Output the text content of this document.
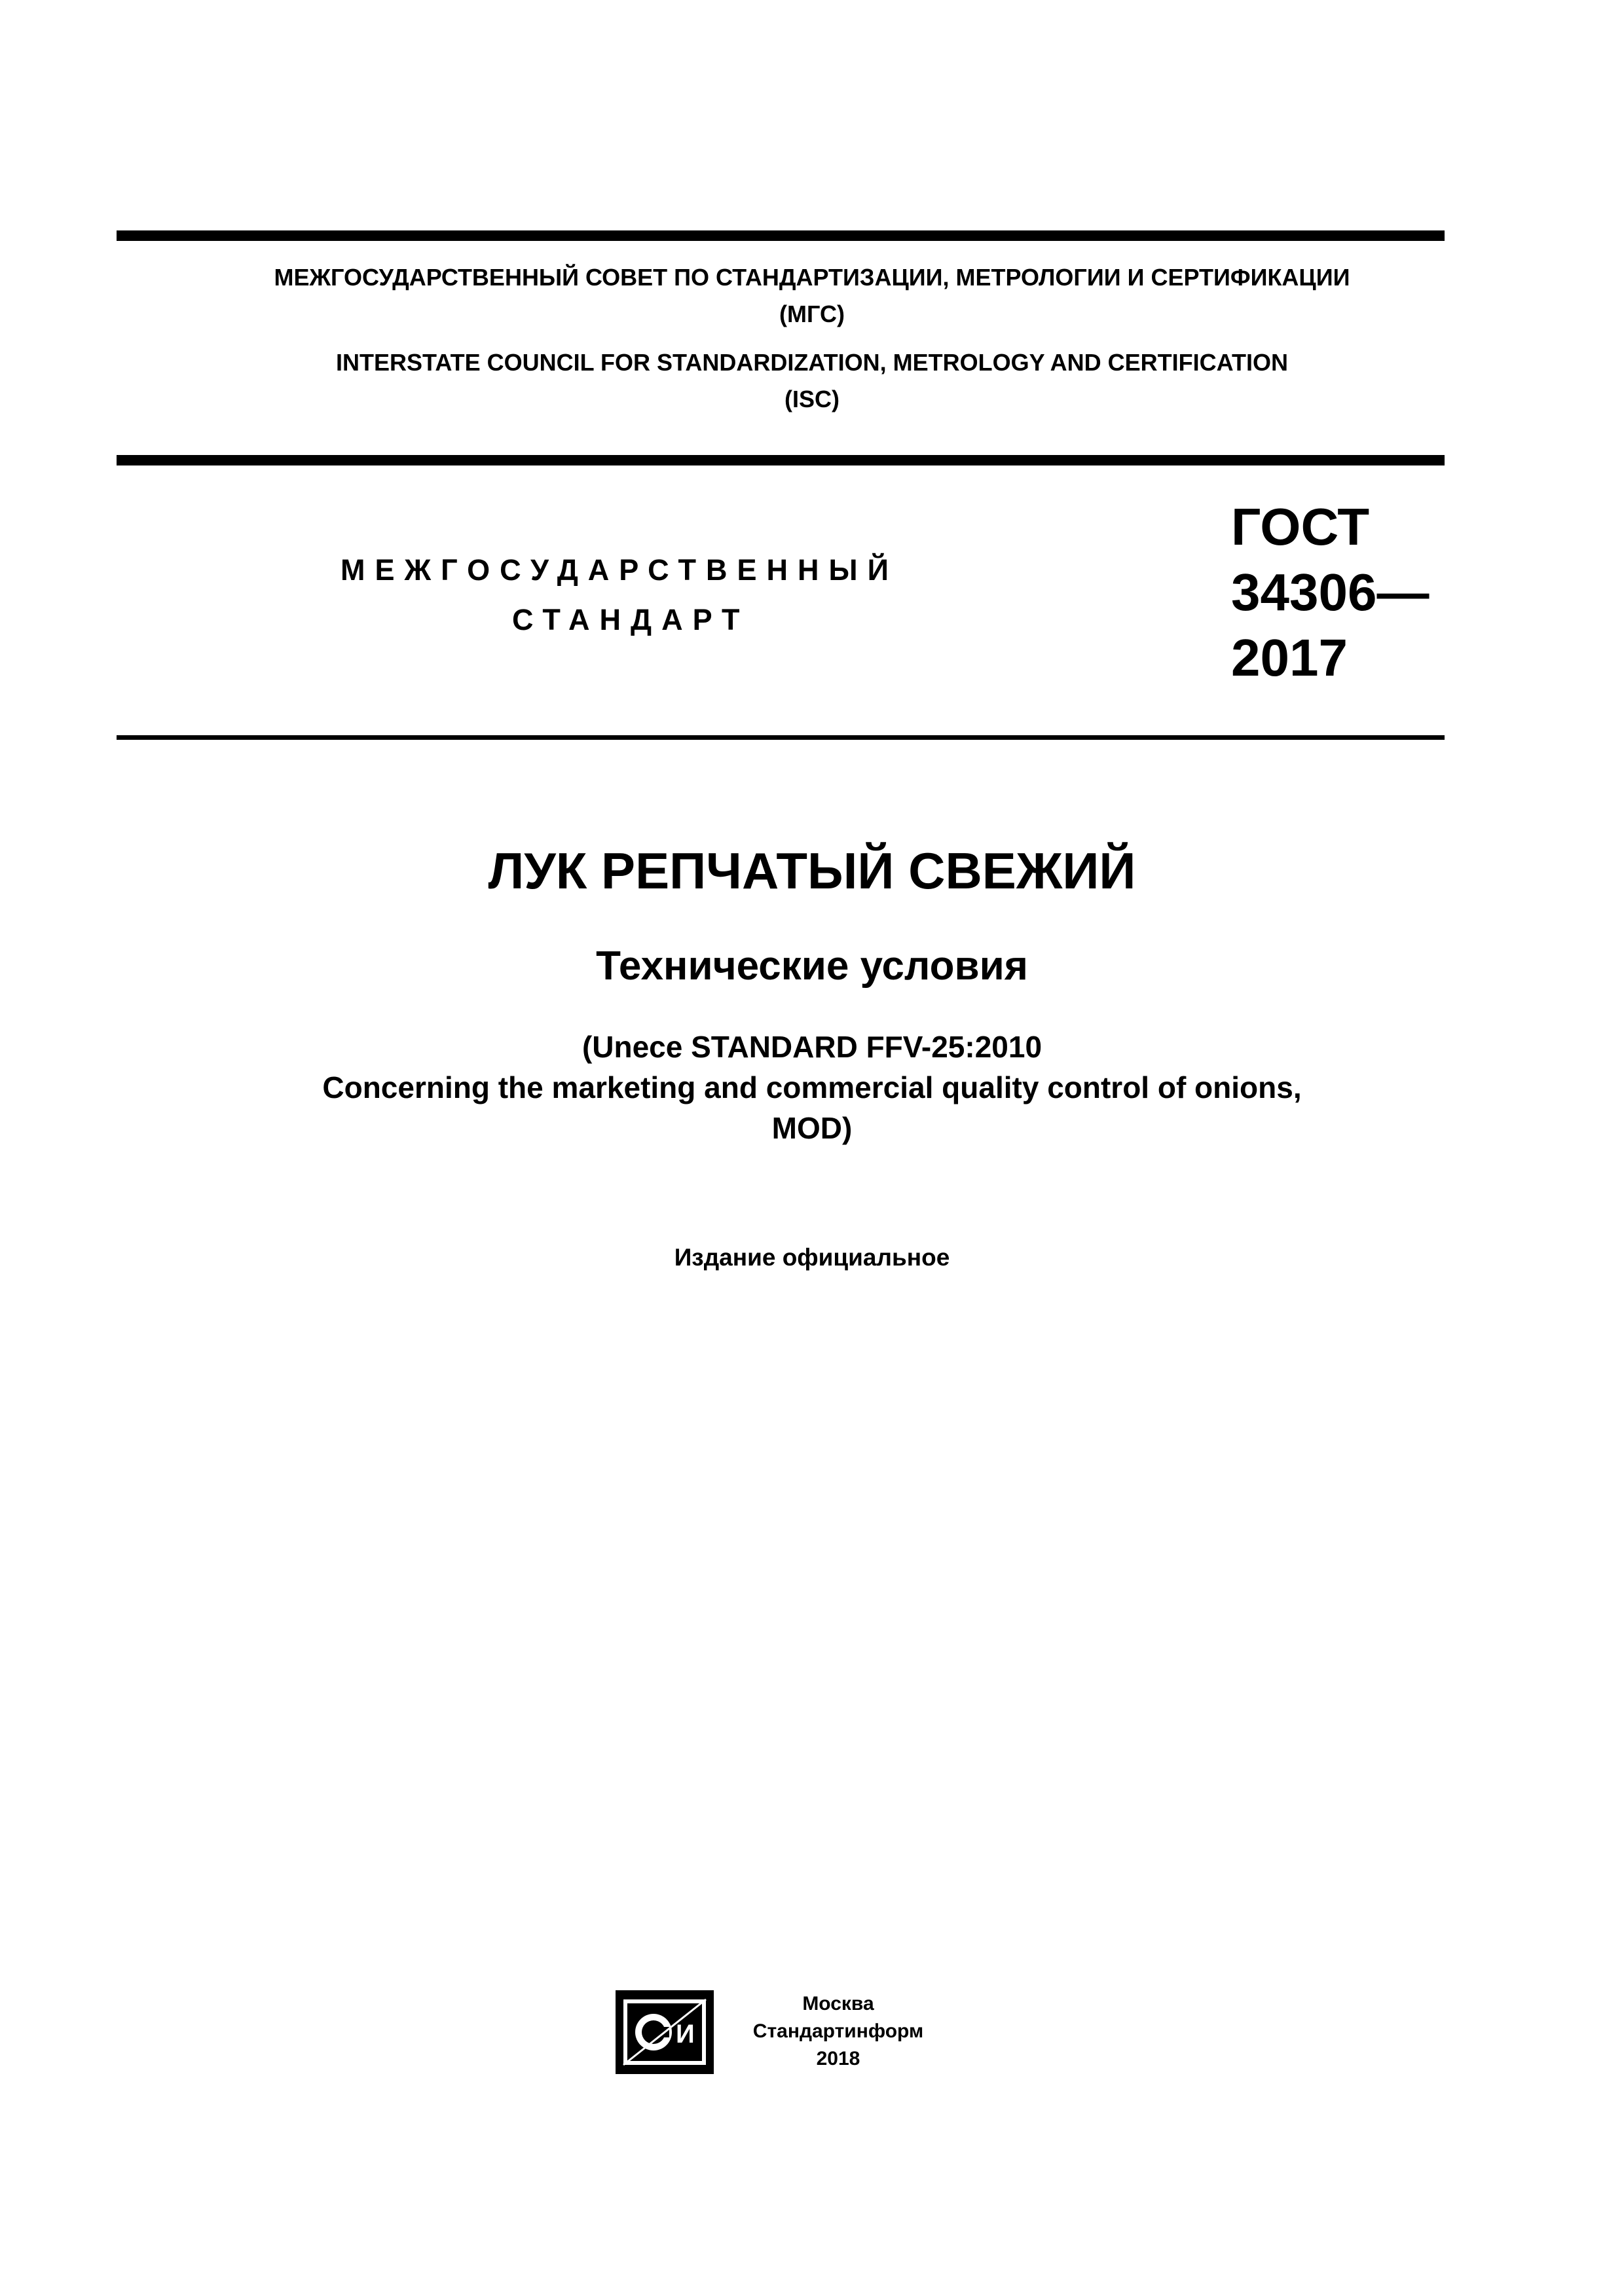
МЕЖГОСУДАРСТВЕННЫЙ СОВЕТ ПО СТАНДАРТИЗАЦИИ, МЕТРОЛОГИИ И СЕРТИФИКАЦИИ
(МГС)
INTERSTATE COUNCIL FOR STANDARDIZATION, METROLOGY AND CERTIFICATION
(ISC)
МЕЖГОСУДАРСТВЕННЫЙ
СТАНДАРТ
ГОСТ
34306—
2017
ЛУК РЕПЧАТЫЙ СВЕЖИЙ
Технические условия
(Unece STANDARD FFV-25:2010
Concerning the marketing and commercial quality control of onions,
MOD)
Издание официальное
И
Москва
Стандартинформ
2018
